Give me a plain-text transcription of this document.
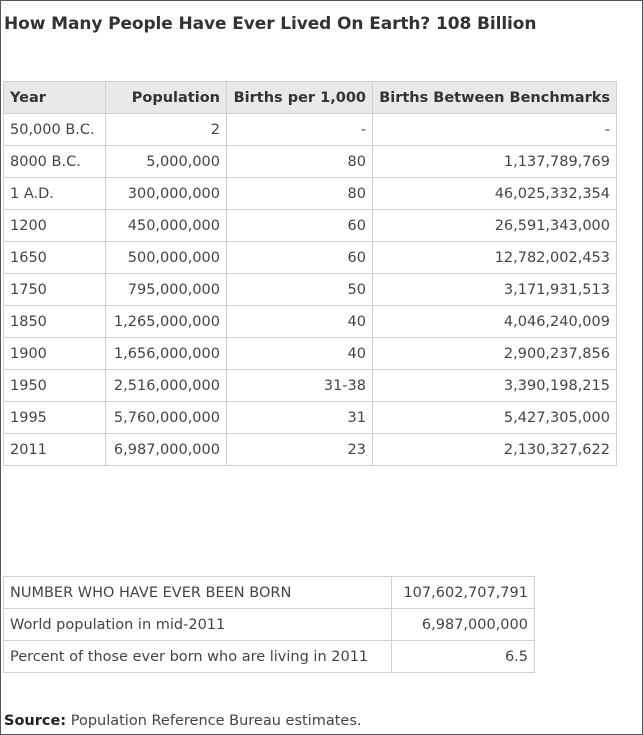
How Many People Have Ever Lived On Earth? 108 Billion
Year	Population	Births per 1,000	Births Between Benchmarks
50,000 B.C.	2	-	-
8000 B.C.	5,000,000	80	1,137,789,769
1 A.D.	300,000,000	80	46,025,332,354
1200	450,000,000	60	26,591,343,000
1650	500,000,000	60	12,782,002,453
1750	795,000,000	50	3,171,931,513
1850	1,265,000,000	40	4,046,240,009
1900	1,656,000,000	40	2,900,237,856
1950	2,516,000,000	31-38	3,390,198,215
1995	5,760,000,000	31	5,427,305,000
2011	6,987,000,000	23	2,130,327,622
NUMBER WHO HAVE EVER BEEN BORN	107,602,707,791
World population in mid-2011	6,987,000,000
Percent of those ever born who are living in 2011	6.5
Source: Population Reference Bureau estimates.
